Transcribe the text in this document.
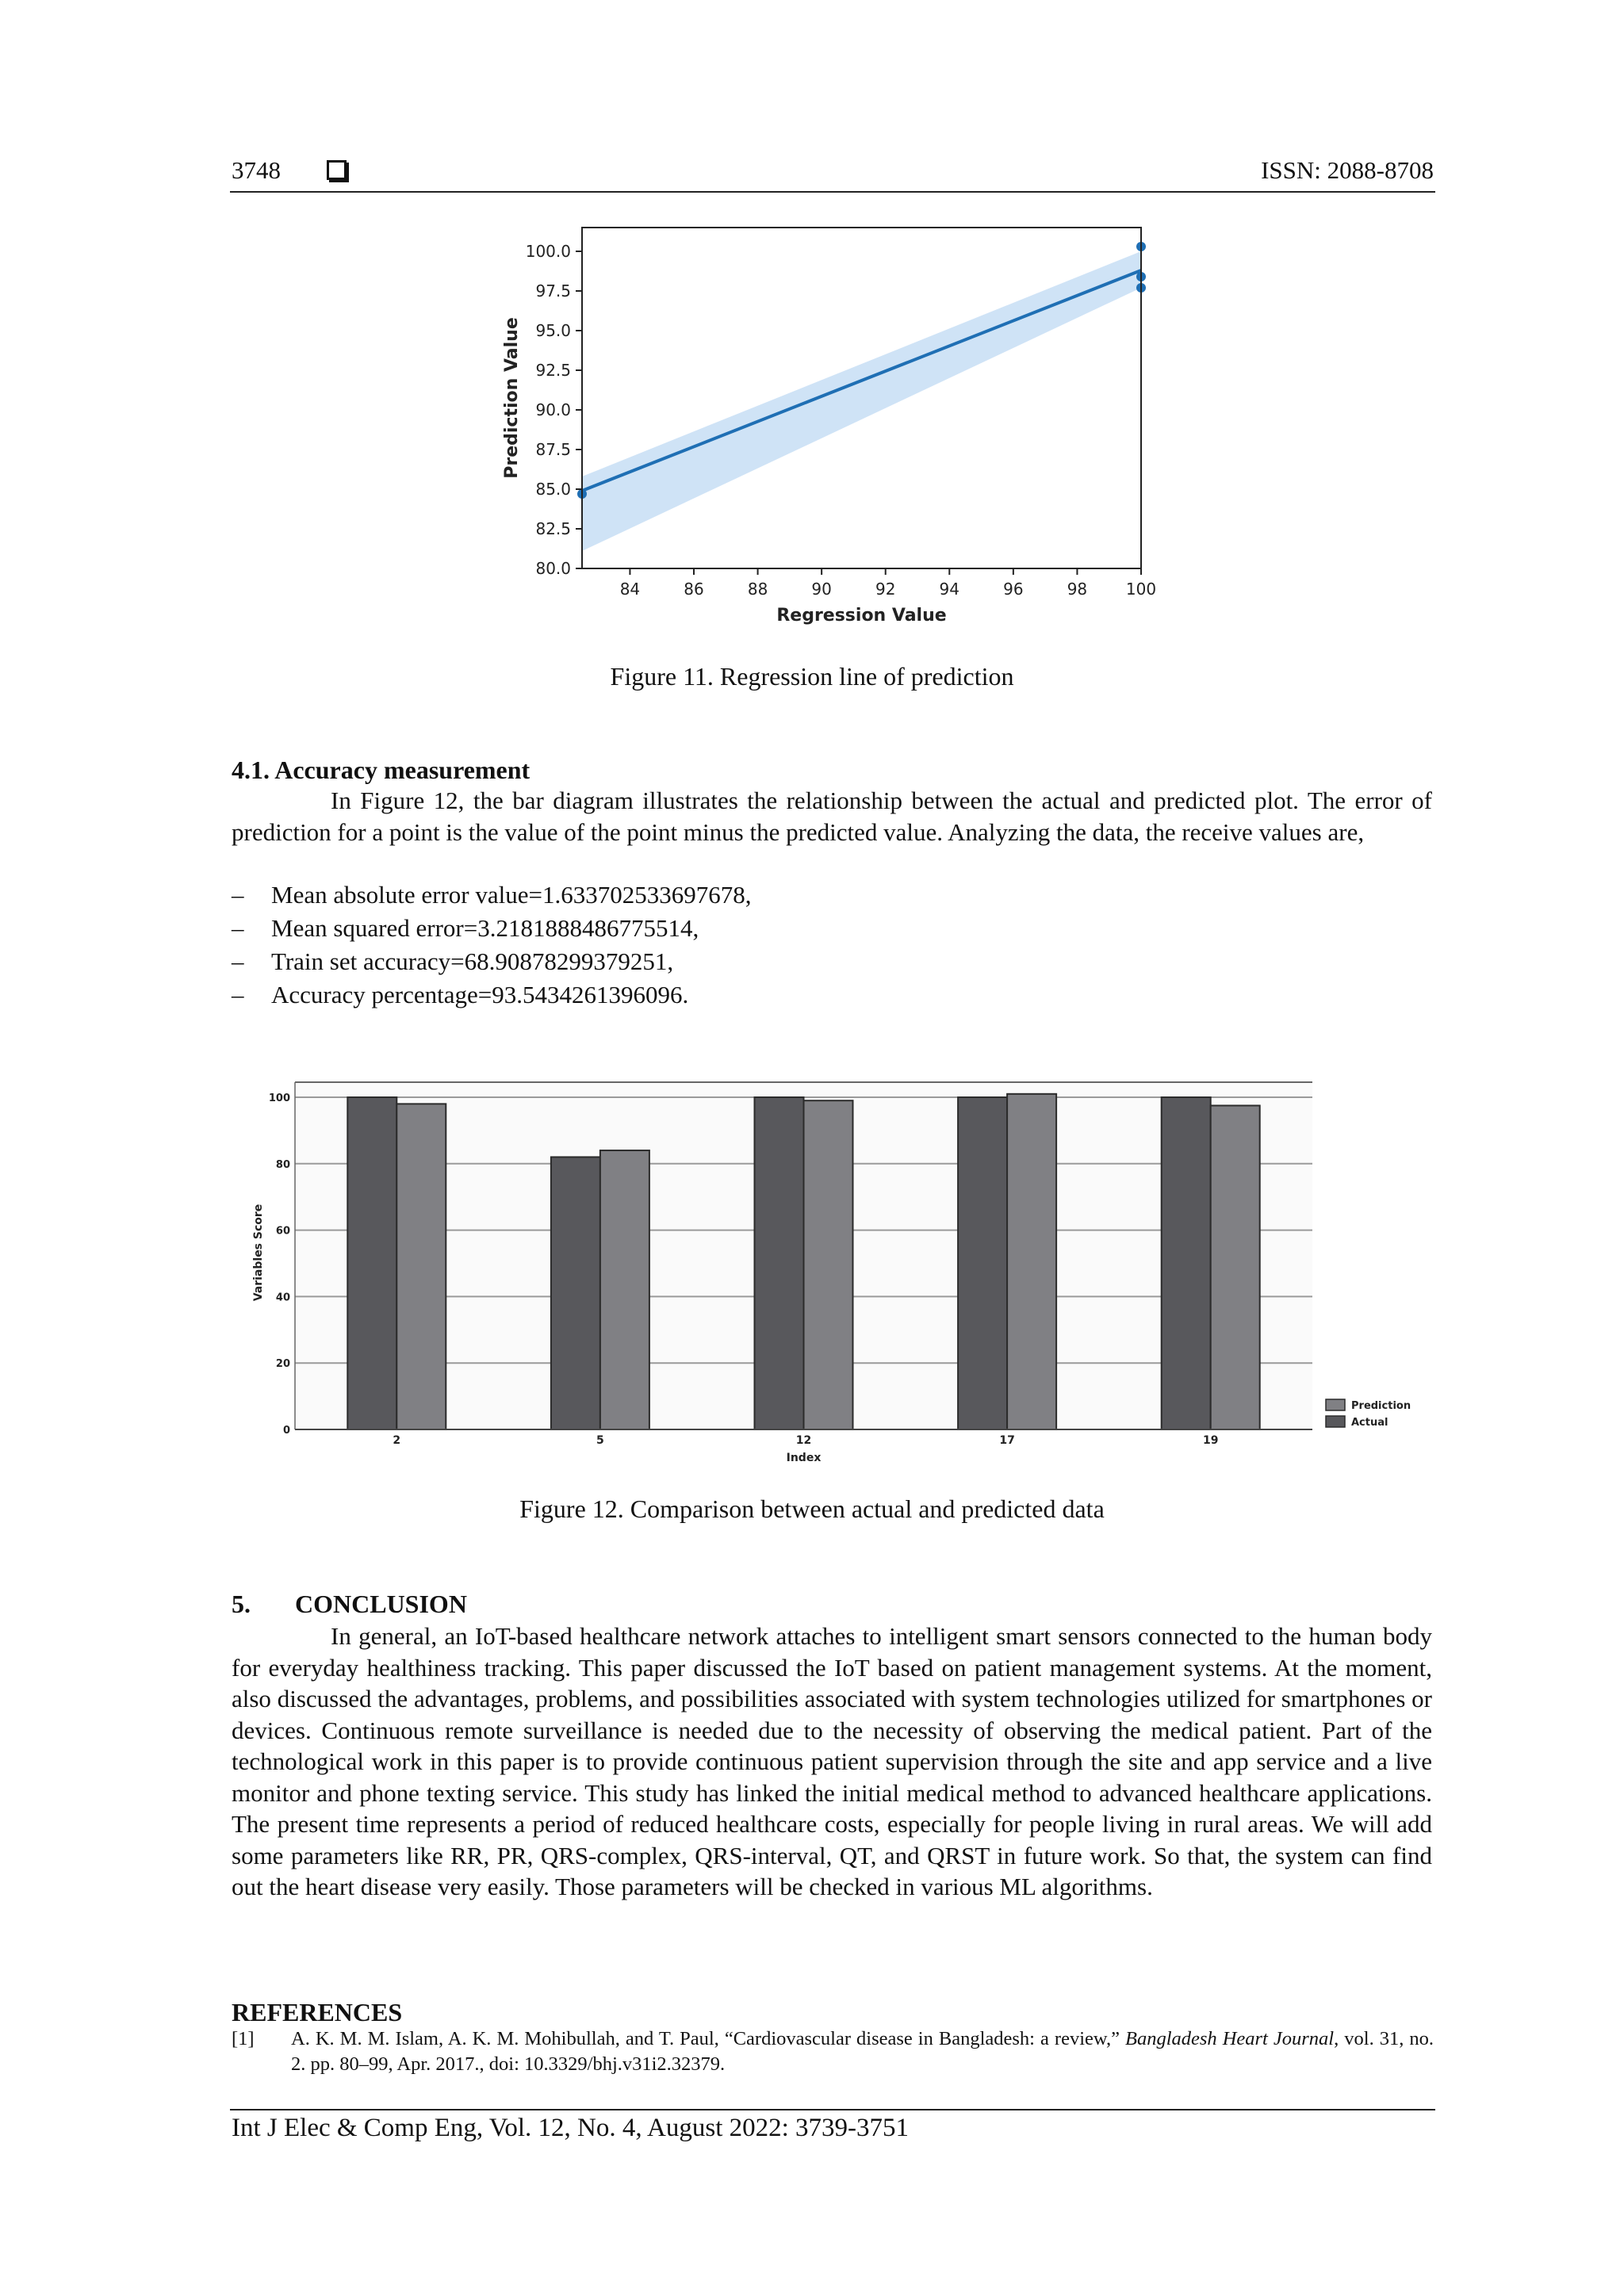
3748	ISSN: 2088-8708
80.0
82.5
85.0
87.5
90.0
92.5
95.0
97.5
100.0
84	86	88	90	92	94	96	98 100
Regression Value
Prediction Value
Figure 11. Regression line of prediction
4.1. Accuracy measurement

In Figure 12, the bar diagram illustrates the relationship between the actual and predicted plot. The error of prediction for a point is the value of the point minus the predicted value. Analyzing the data, the receive values are,

– Mean absolute error value=1.633702533697678,
– Mean squared error=3.2181888486775514,
– Train set accuracy=68.90878299379251,
– Accuracy percentage=93.5434261396096.
0
20
40
60
80
100
2	5	12	17	19
Index
Variables Score
Prediction
Actual
Figure 12. Comparison between actual and predicted data
5.       CONCLUSION

In general, an IoT-based healthcare network attaches to intelligent smart sensors connected to the human body for everyday healthiness tracking. This paper discussed the IoT based on patient management systems. At the moment, also discussed the advantages, problems, and possibilities associated with system technologies utilized for smartphones or devices. Continuous remote surveillance is needed due to the necessity of observing the medical patient. Part of the technological work in this paper is to provide continuous patient supervision through the site and app service and a live monitor and phone texting service. This study has linked the initial medical method to advanced healthcare applications. The present time represents a period of reduced healthcare costs, especially for people living in rural areas. We will add some parameters like RR, PR, QRS-complex, QRS-interval, QT, and QRST in future work. So that, the system can find out the heart disease very easily. Those parameters will be checked in various ML algorithms.

REFERENCES
[1] A. K. M. M. Islam, A. K. M. Mohibullah, and T. Paul, “Cardiovascular disease in Bangladesh: a review,” Bangladesh Heart Journal, vol. 31, no. 2. pp. 80–99, Apr. 2017., doi: 10.3329/bhj.v31i2.32379.
Int J Elec & Comp Eng, Vol. 12, No. 4, August 2022: 3739-3751
